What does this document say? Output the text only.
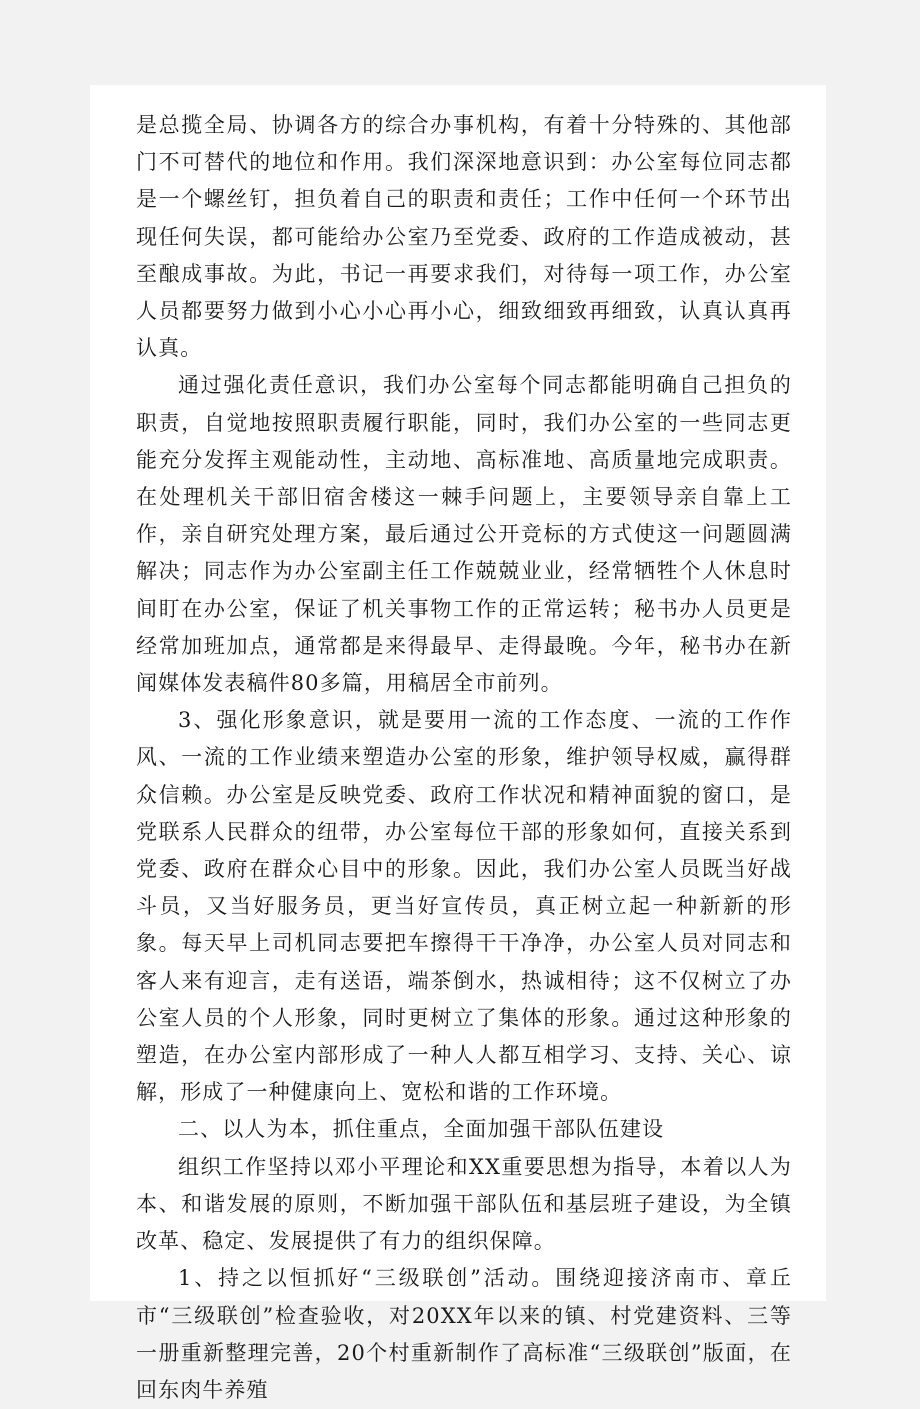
是总揽全局、协调各方的综合办事机构，有着十分特殊的、其他部门不可替代的地位和作用。我们深深地意识到：办公室每位同志都是一个螺丝钉，担负着自己的职责和责任；工作中任何一个环节出现任何失误，都可能给办公室乃至党委、政府的工作造成被动，甚至酿成事故。为此，书记一再要求我们，对待每一项工作，办公室人员都要努力做到小心小心再小心，细致细致再细致，认真认真再认真。

通过强化责任意识，我们办公室每个同志都能明确自己担负的职责，自觉地按照职责履行职能，同时，我们办公室的一些同志更能充分发挥主观能动性，主动地、高标准地、高质量地完成职责。在处理机关干部旧宿舍楼这一棘手问题上，主要领导亲自靠上工作，亲自研究处理方案，最后通过公开竞标的方式使这一问题圆满解决；同志作为办公室副主任工作兢兢业业，经常牺牲个人休息时间盯在办公室，保证了机关事物工作的正常运转；秘书办人员更是经常加班加点，通常都是来得最早、走得最晚。今年，秘书办在新闻媒体发表稿件80多篇，用稿居全市前列。

3、强化形象意识，就是要用一流的工作态度、一流的工作作风、一流的工作业绩来塑造办公室的形象，维护领导权威，赢得群众信赖。办公室是反映党委、政府工作状况和精神面貌的窗口，是党联系人民群众的纽带，办公室每位干部的形象如何，直接关系到党委、政府在群众心目中的形象。因此，我们办公室人员既当好战斗员，又当好服务员，更当好宣传员，真正树立起一种新新的形象。每天早上司机同志要把车擦得干干净净，办公室人员对同志和客人来有迎言，走有送语，端茶倒水，热诚相待；这不仅树立了办公室人员的个人形象，同时更树立了集体的形象。通过这种形象的塑造，在办公室内部形成了一种人人都互相学习、支持、关心、谅解，形成了一种健康向上、宽松和谐的工作环境。

二、以人为本，抓住重点，全面加强干部队伍建设

组织工作坚持以邓小平理论和XX重要思想为指导，本着以人为本、和谐发展的原则，不断加强干部队伍和基层班子建设，为全镇改革、稳定、发展提供了有力的组织保障。

1、持之以恒抓好“三级联创”活动。围绕迎接济南市、章丘市“三级联创”检查验收，对20XX年以来的镇、村党建资料、三等一册重新整理完善，20个村重新制作了高标准“三级联创”版面，在回东肉牛养殖
